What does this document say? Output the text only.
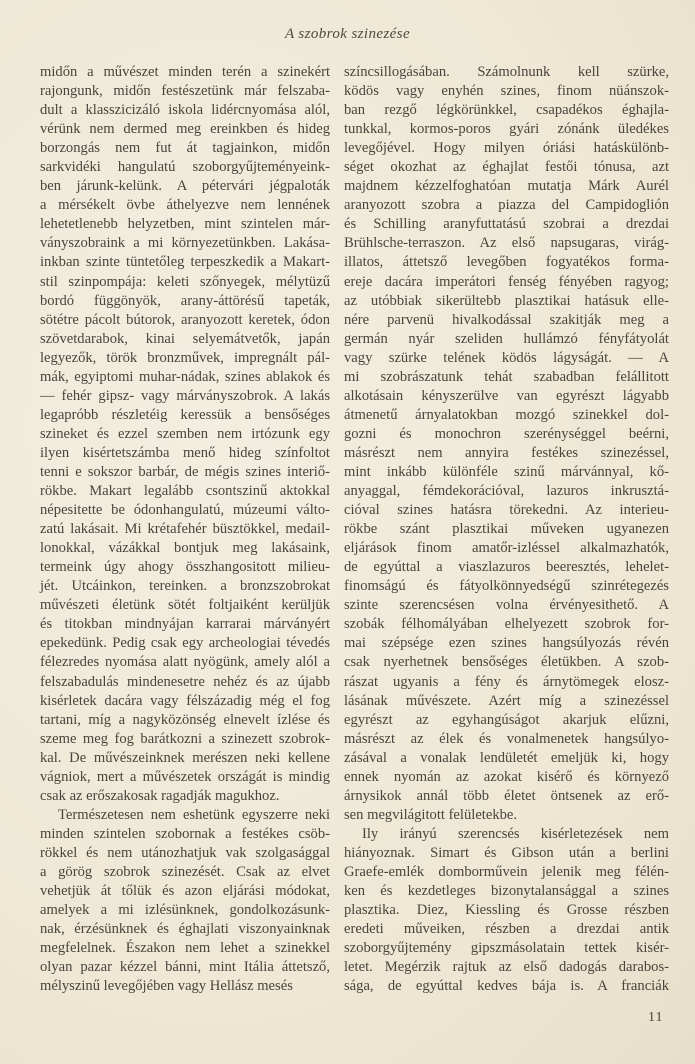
A szobrok szinezése
midőn a művészet minden terén a szinekért
rajongunk, midőn festészetünk már felszaba-
dult a klasszicizáló iskola lidércnyomása alól,
vérünk nem dermed meg ereinkben és hideg
borzongás nem fut át tagjainkon, midőn
sarkvidéki hangulatú szoborgyűjteményeink-
ben járunk-kelünk. A pétervári jégpaloták
a mérsékelt övbe áthelyezve nem lennének
lehetetlenebb helyzetben, mint szintelen már-
ványszobraink a mi környezetünkben. Lakása-
inkban szinte tüntetőleg terpeszkedik a Makart-
stil szinpompája: keleti szőnyegek, mélytüzű
bordó függönyök, arany-áttörésű tapeták,
sötétre pácolt bútorok, aranyozott keretek, ódon
szövetdarabok, kinai selyemátvetők, japán
legyezők, török bronzművek, impregnált pál-
mák, egyiptomi muhar-nádak, szines ablakok és
— fehér gipsz- vagy márványszobrok. A lakás
legapróbb részletéig keressük a bensőséges
szineket és ezzel szemben nem irtózunk egy
ilyen kisértetszámba menő hideg színfoltot
tenni e sokszor barbár, de mégis szines interiő-
rökbe. Makart legalább csontszinű aktokkal
népesitette be ódonhangulatú, múzeumi válto-
zatú lakásait. Mi krétafehér büsztökkel, medail-
lonokkal, vázákkal bontjuk meg lakásaink,
termeink úgy ahogy összhangositott milieu-
jét. Utcáinkon, tereinken. a bronzszobrokat
művészeti életünk sötét foltjaiként kerüljük
és titokban mindnyájan karrarai márványért
epekedünk. Pedig csak egy archeologiai tévedés
félezredes nyomása alatt nyögünk, amely alól a
felszabadulás mindenesetre nehéz és az újabb
kisérletek dacára vagy félszázadig még el fog
tartani, míg a nagyközönség elnevelt ízlése és
szeme meg fog barátkozni a szinezett szobrok-
kal. De művészeinknek merészen neki kellene
vágniok, mert a művészetek országát is mindig
csak az erőszakosak ragadják magukhoz.
Természetesen nem eshetünk egyszerre neki
minden szintelen szobornak a festékes csöb-
rökkel és nem utánozhatjuk vak szolgasággal
a görög szobrok szinezését. Csak az elvet
vehetjük át tőlük és azon eljárási módokat,
amelyek a mi izlésünknek, gondolkozásunk-
nak, érzésünknek és éghajlati viszonyainknak
megfelelnek. Északon nem lehet a szinekkel
olyan pazar kézzel bánni, mint Itália áttetsző,
mélyszinű levegőjében vagy Hellász mesés
színcsillogásában. Számolnunk kell szürke,
ködös vagy enyhén szines, finom nüánszok-
ban rezgő légkörünkkel, csapadékos éghajla-
tunkkal, kormos-poros gyári zónánk üledékes
levegőjével. Hogy milyen óriási hatáskülönb-
séget okozhat az éghajlat festői tónusa, azt
majdnem kézzelfoghatóan mutatja Márk Aurél
aranyozott szobra a piazza del Campidoglión
és Schilling aranyfuttatású szobrai a drezdai
Brühlsche-terraszon. Az első napsugaras, virág-
illatos, áttetsző levegőben fogyatékos forma-
ereje dacára imperátori fenség fényében ragyog;
az utóbbiak sikerültebb plasztikai hatásuk elle-
nére parvenü hivalkodással szakitják meg a
germán nyár szeliden hullámzó fényfátyolát
vagy szürke telének ködös lágyságát. — A
mi szobrászatunk tehát szabadban felállitott
alkotásain kényszerülve van egyrészt lágyabb
átmenetű árnyalatokban mozgó szinekkel dol-
gozni és monochron szerénységgel beérni,
másrészt nem annyira festékes szinezéssel,
mint inkább különféle szinű márvánnyal, kő-
anyaggal, fémdekorációval, lazuros inkrusztá-
cióval szines hatásra törekedni. Az interieu-
rökbe szánt plasztikai műveken ugyanezen
eljárások finom amatőr-izléssel alkalmazhatók,
de egyúttal a viaszlazuros beeresztés, lehelet-
finomságú és fátyolkönnyedségű szinrétegezés
szinte szerencsésen volna érvényesithető. A
szobák félhomályában elhelyezett szobrok for-
mai szépsége ezen szines hangsúlyozás révén
csak nyerhetnek bensőséges életükben. A szob-
rászat ugyanis a fény és árnytömegek elosz-
lásának művészete. Azért míg a szinezéssel
egyrészt az egyhangúságot akarjuk elűzni,
másrészt az élek és vonalmenetek hangsúlyo-
zásával a vonalak lendületét emeljük ki, hogy
ennek nyomán az azokat kisérő és környező
árnysikok annál több életet öntsenek az erő-
sen megvilágitott felületekbe.
Ily irányú szerencsés kisérletezések nem
hiányoznak. Simart és Gibson után a berlini
Graefe-emlék domborművein jelenik meg félén-
ken és kezdetleges bizonytalansággal a szines
plasztika. Diez, Kiessling és Grosse részben
eredeti műveiken, részben a drezdai antik
szoborgyűjtemény gipszmásolatain tettek kisér-
letet. Megérzik rajtuk az első dadogás darabos-
sága, de egyúttal kedves bája is. A franciák
11
